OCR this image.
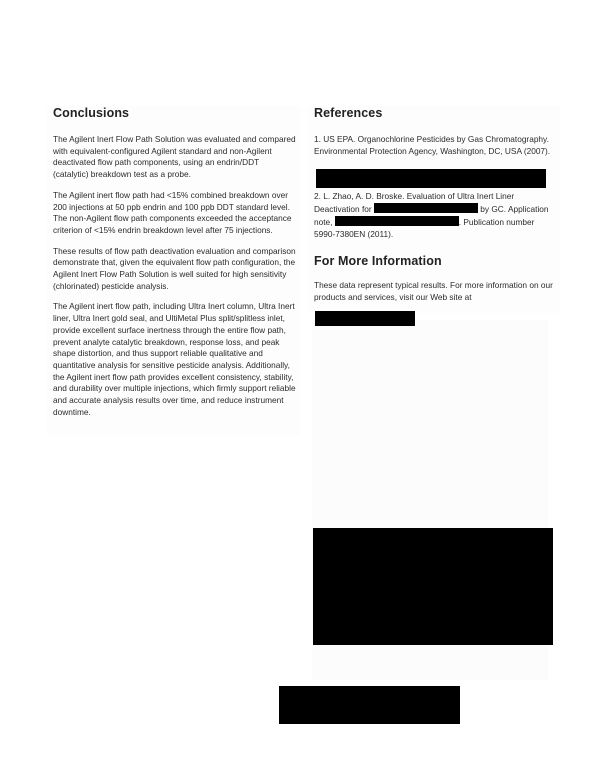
Conclusions

The Agilent Inert Flow Path Solution was evaluated and compared with equivalent-configured Agilent standard and non-Agilent deactivated flow path components, using an endrin/DDT (catalytic) breakdown test as a probe.

The Agilent inert flow path had <15% combined breakdown over 200 injections at 50 ppb endrin and 100 ppb DDT standard level. The non-Agilent flow path components exceeded the acceptance criterion of <15% endrin breakdown level after 75 injections.

These results of flow path deactivation evaluation and comparison demonstrate that, given the equivalent flow path configuration, the Agilent Inert Flow Path Solution is well suited for high sensitivity (chlorinated) pesticide analysis.

The Agilent inert flow path, including Ultra Inert column, Ultra Inert liner, Ultra Inert gold seal, and UltiMetal Plus split/splitless inlet, provide excellent surface inertness through the entire flow path, prevent analyte catalytic breakdown, response loss, and peak shape distortion, and thus support reliable qualitative and quantitative analysis for sensitive pesticide analysis. Additionally, the Agilent inert flow path provides excellent consistency, stability, and durability over multiple injections, which firmly support reliable and accurate analysis results over time, and reduce instrument downtime.

References

1. US EPA. Organochlorine Pesticides by Gas Chromatography. Environmental Protection Agency, Washington, DC, USA (2007).

2. L. Zhao, A. D. Broske. Evaluation of Ultra Inert Liner Deactivation for	by GC. Application note,	. Publication number 5990-7380EN (2011).

For More Information

These data represent typical results. For more information on our products and services, visit our Web site at
